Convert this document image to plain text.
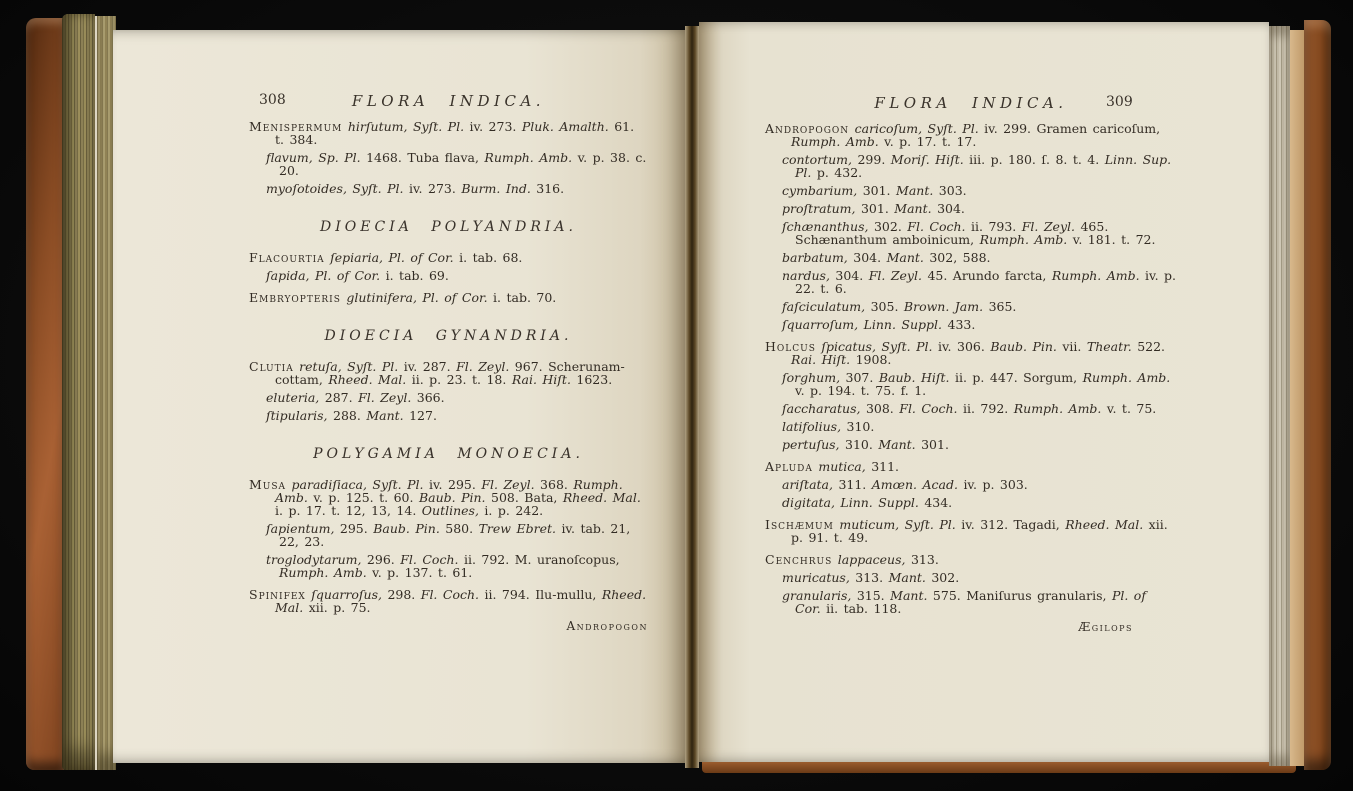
308	FLORA INDICA.

Menispermum hirſutum, Syſt. Pl. iv. 273. Pluk. Amalth. 61. t. 384.

flavum, Sp. Pl. 1468. Tuba flava, Rumph. Amb. v. p. 38. c. 20.

myoſotoides, Syſt. Pl. iv. 273. Burm. Ind. 316.

DIOECIA POLYANDRIA.

Flacourtia ſepiaria, Pl. of Cor. i. tab. 68.

ſapida, Pl. of Cor. i. tab. 69.

Embryopteris glutinifera, Pl. of Cor. i. tab. 70.

DIOECIA GYNANDRIA.

Clutia retuſa, Syſt. Pl. iv. 287. Fl. Zeyl. 967. Scherunam-cottam, Rheed. Mal. ii. p. 23. t. 18. Rai. Hiſt. 1623.

eluteria, 287. Fl. Zeyl. 366.

ſtipularis, 288. Mant. 127.

POLYGAMIA MONOECIA.

Musa paradiſiaca, Syſt. Pl. iv. 295. Fl. Zeyl. 368. Rumph. Amb. v. p. 125. t. 60. Baub. Pin. 508. Bata, Rheed. Mal. i. p. 17. t. 12, 13, 14. Outlines, i. p. 242.

ſapientum, 295. Baub. Pin. 580. Trew Ebret. iv. tab. 21, 22, 23.

troglodytarum, 296. Fl. Coch. ii. 792. M. uranoſcopus, Rumph. Amb. v. p. 137. t. 61.

Spinifex ſquarroſus, 298. Fl. Coch. ii. 794. Ilu-mullu, Rheed. Mal. xii. p. 75.

Andropogon
309
FLORA INDICA.

Andropogon caricoſum, Syſt. Pl. iv. 299. Gramen caricoſum, Rumph. Amb. v. p. 17. t. 17.

contortum, 299. Moriſ. Hiſt. iii. p. 180. ſ. 8. t. 4. Linn. Sup. Pl. p. 432.

cymbarium, 301. Mant. 303.

proſtratum, 301. Mant. 304.

ſchænanthus, 302. Fl. Coch. ii. 793. Fl. Zeyl. 465. Schænanthum amboinicum, Rumph. Amb. v. 181. t. 72.

barbatum, 304. Mant. 302, 588.

nardus, 304. Fl. Zeyl. 45. Arundo farcta, Rumph. Amb. iv. p. 22. t. 6.

faſciculatum, 305. Brown. Jam. 365.

ſquarroſum, Linn. Suppl. 433.

Holcus ſpicatus, Syſt. Pl. iv. 306. Baub. Pin. vii. Theatr. 522. Rai. Hiſt. 1908.

ſorghum, 307. Baub. Hiſt. ii. p. 447. Sorgum, Rumph. Amb. v. p. 194. t. 75. f. 1.

ſaccharatus, 308. Fl. Coch. ii. 792. Rumph. Amb. v. t. 75.

latifolius, 310.

pertuſus, 310. Mant. 301.

Apluda mutica, 311.

ariſtata, 311. Amœn. Acad. iv. p. 303.

digitata, Linn. Suppl. 434.

Ischæmum muticum, Syſt. Pl. iv. 312. Tagadi, Rheed. Mal. xii. p. 91. t. 49.

Cenchrus lappaceus, 313.

muricatus, 313. Mant. 302.

granularis, 315. Mant. 575. Maniſurus granularis, Pl. of Cor. ii. tab. 118.

Ægilops
